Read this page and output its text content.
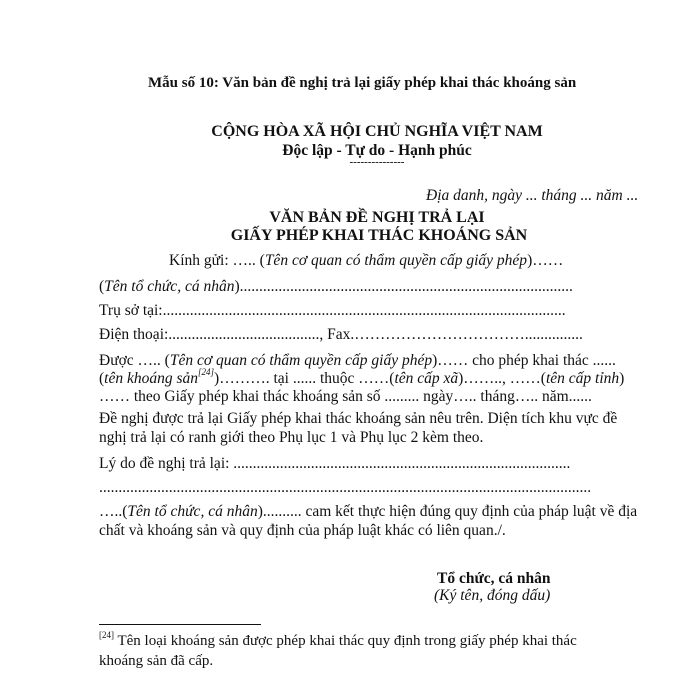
Mẫu số 10: Văn bản đề nghị trả lại giấy phép khai thác khoáng sản
CỘNG HÒA XÃ HỘI CHỦ NGHĨA VIỆT NAM
Độc lập - Tự do - Hạnh phúc
---------------
Địa danh, ngày ... tháng ... năm ...
VĂN BẢN ĐỀ NGHỊ TRẢ LẠI
GIẤY PHÉP KHAI THÁC KHOÁNG SẢN
Kính gửi: ….. (Tên cơ quan có thẩm quyền cấp giấy phép)……
(Tên tổ chức, cá nhân)......................................................................................
Trụ sở tại:........................................................................................................
Điện thoại:......................................., Fax.……………………………...............
Được ….. (Tên cơ quan có thẩm quyền cấp giấy phép)…… cho phép khai thác ......
(tên khoáng sản[24])………. tại ...... thuộc ……(tên cấp xã)…….., ……(tên cấp tỉnh)
…… theo Giấy phép khai thác khoáng sản số ......... ngày….. tháng….. năm......
Đề nghị được trả lại Giấy phép khai thác khoáng sản nêu trên. Diện tích khu vực đề
nghị trả lại có ranh giới theo Phụ lục 1 và Phụ lục 2 kèm theo.
Lý do đề nghị trả lại: .......................................................................................
...............................................................................................................................
…..(Tên tổ chức, cá nhân).......... cam kết thực hiện đúng quy định của pháp luật về địa
chất và khoáng sản và quy định của pháp luật khác có liên quan./.
Tổ chức, cá nhân
(Ký tên, đóng dấu)
[24] Tên loại khoáng sản được phép khai thác quy định trong giấy phép khai thác
khoáng sản đã cấp.
